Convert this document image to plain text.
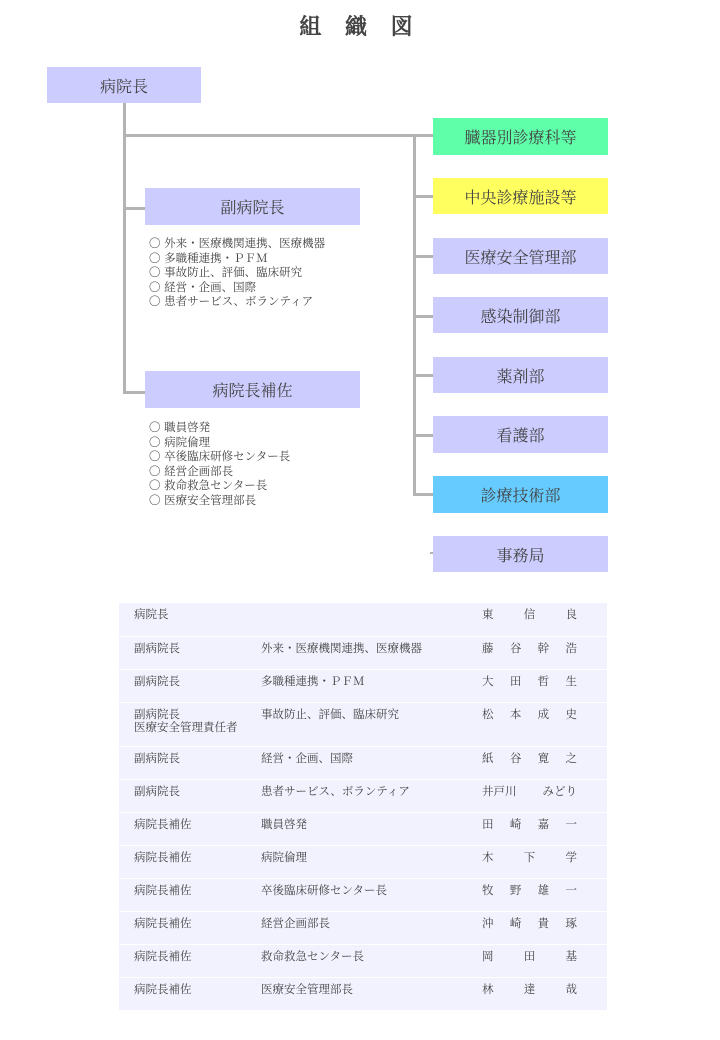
組 織 図
病院長
副病院長
〇 外来・医療機関連携、医療機器
〇 多職種連携・ＰＦＭ
〇 事故防止、評価、臨床研究
〇 経営・企画、国際
〇 患者サービス、ボランティア
病院長補佐
〇 職員啓発
〇 病院倫理
〇 卒後臨床研修センター長
〇 経営企画部長
〇 救命救急センター長
〇 医療安全管理部長
臓器別診療科等
中央診療施設等
医療安全管理部
感染制御部
薬剤部
看護部
診療技術部
事務局
病院長		東 信 良

副病院長	外来・医療機関連携、医療機器	藤 谷 幹 浩

副病院長	多職種連携・ＰＦＭ	大 田 哲 生

副病院長
医療安全管理責任者	事故防止、評価、臨床研究	松 本 成 史

副病院長	経営・企画、国際	紙 谷 寛 之

副病院長	患者サービス、ボランティア	井戸川 みどり

病院長補佐	職員啓発	田 崎 嘉 一

病院長補佐	病院倫理	木 下 学

病院長補佐	卒後臨床研修センター長	牧 野 雄 一

病院長補佐	経営企画部長	沖 崎 貴 琢

病院長補佐	救命救急センター長	岡 田 基

病院長補佐	医療安全管理部長	林 達 哉
